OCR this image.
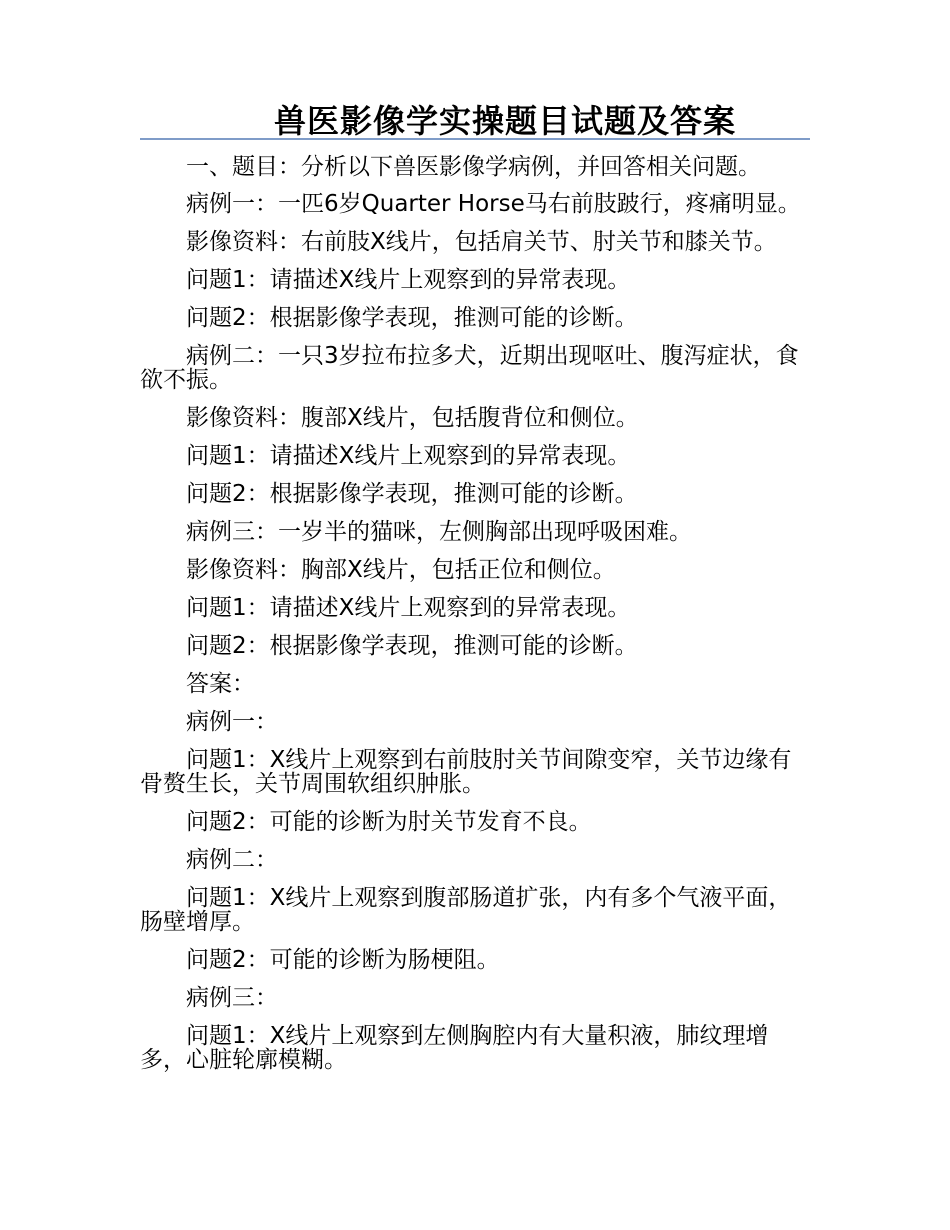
兽医影像学实操题目试题及答案

一、题目：分析以下兽医影像学病例，并回答相关问题。

病例一：一匹6岁Quarter Horse马右前肢跛行，疼痛明显。

影像资料：右前肢X线片，包括肩关节、肘关节和膝关节。

问题1：请描述X线片上观察到的异常表现。

问题2：根据影像学表现，推测可能的诊断。

病例二：一只3岁拉布拉多犬，近期出现呕吐、腹泻症状，食欲不振。

影像资料：腹部X线片，包括腹背位和侧位。

问题1：请描述X线片上观察到的异常表现。

问题2：根据影像学表现，推测可能的诊断。

病例三：一岁半的猫咪，左侧胸部出现呼吸困难。

影像资料：胸部X线片，包括正位和侧位。

问题1：请描述X线片上观察到的异常表现。

问题2：根据影像学表现，推测可能的诊断。

答案：

病例一：

问题1：X线片上观察到右前肢肘关节间隙变窄，关节边缘有骨赘生长，关节周围软组织肿胀。

问题2：可能的诊断为肘关节发育不良。

病例二：

问题1：X线片上观察到腹部肠道扩张，内有多个气液平面，肠壁增厚。

问题2：可能的诊断为肠梗阻。

病例三：

问题1：X线片上观察到左侧胸腔内有大量积液，肺纹理增多，心脏轮廓模糊。
